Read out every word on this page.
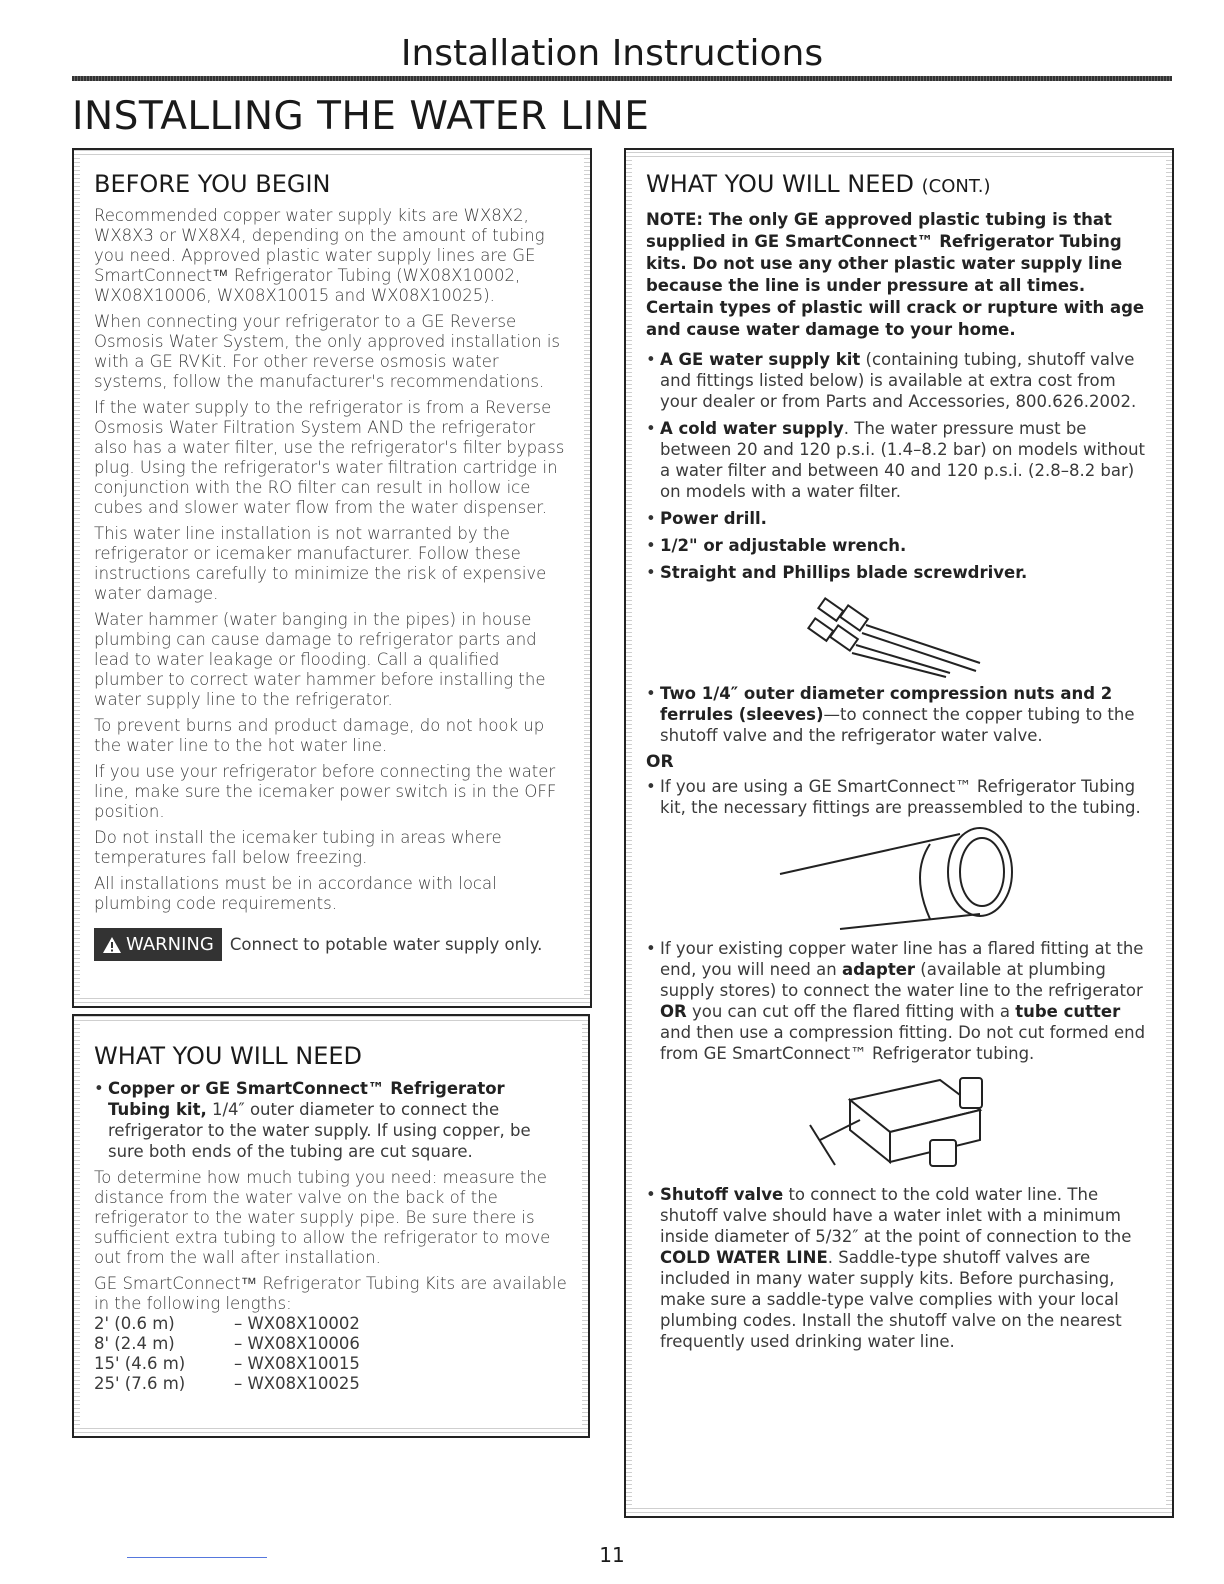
Installation Instructions
INSTALLING THE WATER LINE
BEFORE YOU BEGIN

Recommended copper water supply kits are WX8X2, WX8X3 or WX8X4, depending on the amount of tubing you need. Approved plastic water supply lines are GE SmartConnect™ Refrigerator Tubing (WX08X10002, WX08X10006, WX08X10015 and WX08X10025).

When connecting your refrigerator to a GE Reverse Osmosis Water System, the only approved installation is with a GE RVKit. For other reverse osmosis water systems, follow the manufacturer's recommendations.

If the water supply to the refrigerator is from a Reverse Osmosis Water Filtration System AND the refrigerator also has a water filter, use the refrigerator's filter bypass plug. Using the refrigerator's water filtration cartridge in conjunction with the RO filter can result in hollow ice cubes and slower water flow from the water dispenser.

This water line installation is not warranted by the refrigerator or icemaker manufacturer. Follow these instructions carefully to minimize the risk of expensive water damage.

Water hammer (water banging in the pipes) in house plumbing can cause damage to refrigerator parts and lead to water leakage or flooding. Call a qualified plumber to correct water hammer before installing the water supply line to the refrigerator.

To prevent burns and product damage, do not hook up the water line to the hot water line.

If you use your refrigerator before connecting the water line, make sure the icemaker power switch is in the OFF position.

Do not install the icemaker tubing in areas where temperatures fall below freezing.

All installations must be in accordance with local plumbing code requirements.

WARNING Connect to potable water supply only.
WHAT YOU WILL NEED
• Copper or GE SmartConnect™ Refrigerator Tubing kit, 1/4″ outer diameter to connect the refrigerator to the water supply. If using copper, be sure both ends of the tubing are cut square.

To determine how much tubing you need: measure the distance from the water valve on the back of the refrigerator to the water supply pipe. Be sure there is sufficient extra tubing to allow the refrigerator to move out from the wall after installation.

GE SmartConnect™ Refrigerator Tubing Kits are available in the following lengths:

2' (0.6 m)	– WX08X10002
8' (2.4 m)	– WX08X10006
15' (4.6 m)	– WX08X10015
25' (7.6 m)	– WX08X10025
WHAT YOU WILL NEED (CONT.)
NOTE: The only GE approved plastic tubing is that supplied in GE SmartConnect™ Refrigerator Tubing kits. Do not use any other plastic water supply line because the line is under pressure at all times. Certain types of plastic will crack or rupture with age and cause water damage to your home.
• A GE water supply kit (containing tubing, shutoff valve and fittings listed below) is available at extra cost from your dealer or from Parts and Accessories, 800.626.2002.
• A cold water supply. The water pressure must be between 20 and 120 p.s.i. (1.4–8.2 bar) on models without a water filter and between 40 and 120 p.s.i. (2.8–8.2 bar) on models with a water filter.
• Power drill.
• 1/2" or adjustable wrench.
• Straight and Phillips blade screwdriver.
• Two 1/4″ outer diameter compression nuts and 2 ferrules (sleeves)—to connect the copper tubing to the shutoff valve and the refrigerator water valve.
OR
• If you are using a GE SmartConnect™ Refrigerator Tubing kit, the necessary fittings are preassembled to the tubing.
• If your existing copper water line has a flared fitting at the end, you will need an adapter (available at plumbing supply stores) to connect the water line to the refrigerator OR you can cut off the flared fitting with a tube cutter and then use a compression fitting. Do not cut formed end from GE SmartConnect™ Refrigerator tubing.
• Shutoff valve to connect to the cold water line. The shutoff valve should have a water inlet with a minimum inside diameter of 5/32″ at the point of connection to the COLD WATER LINE. Saddle-type shutoff valves are included in many water supply kits. Before purchasing, make sure a saddle-type valve complies with your local plumbing codes. Install the shutoff valve on the nearest frequently used drinking water line.
11
